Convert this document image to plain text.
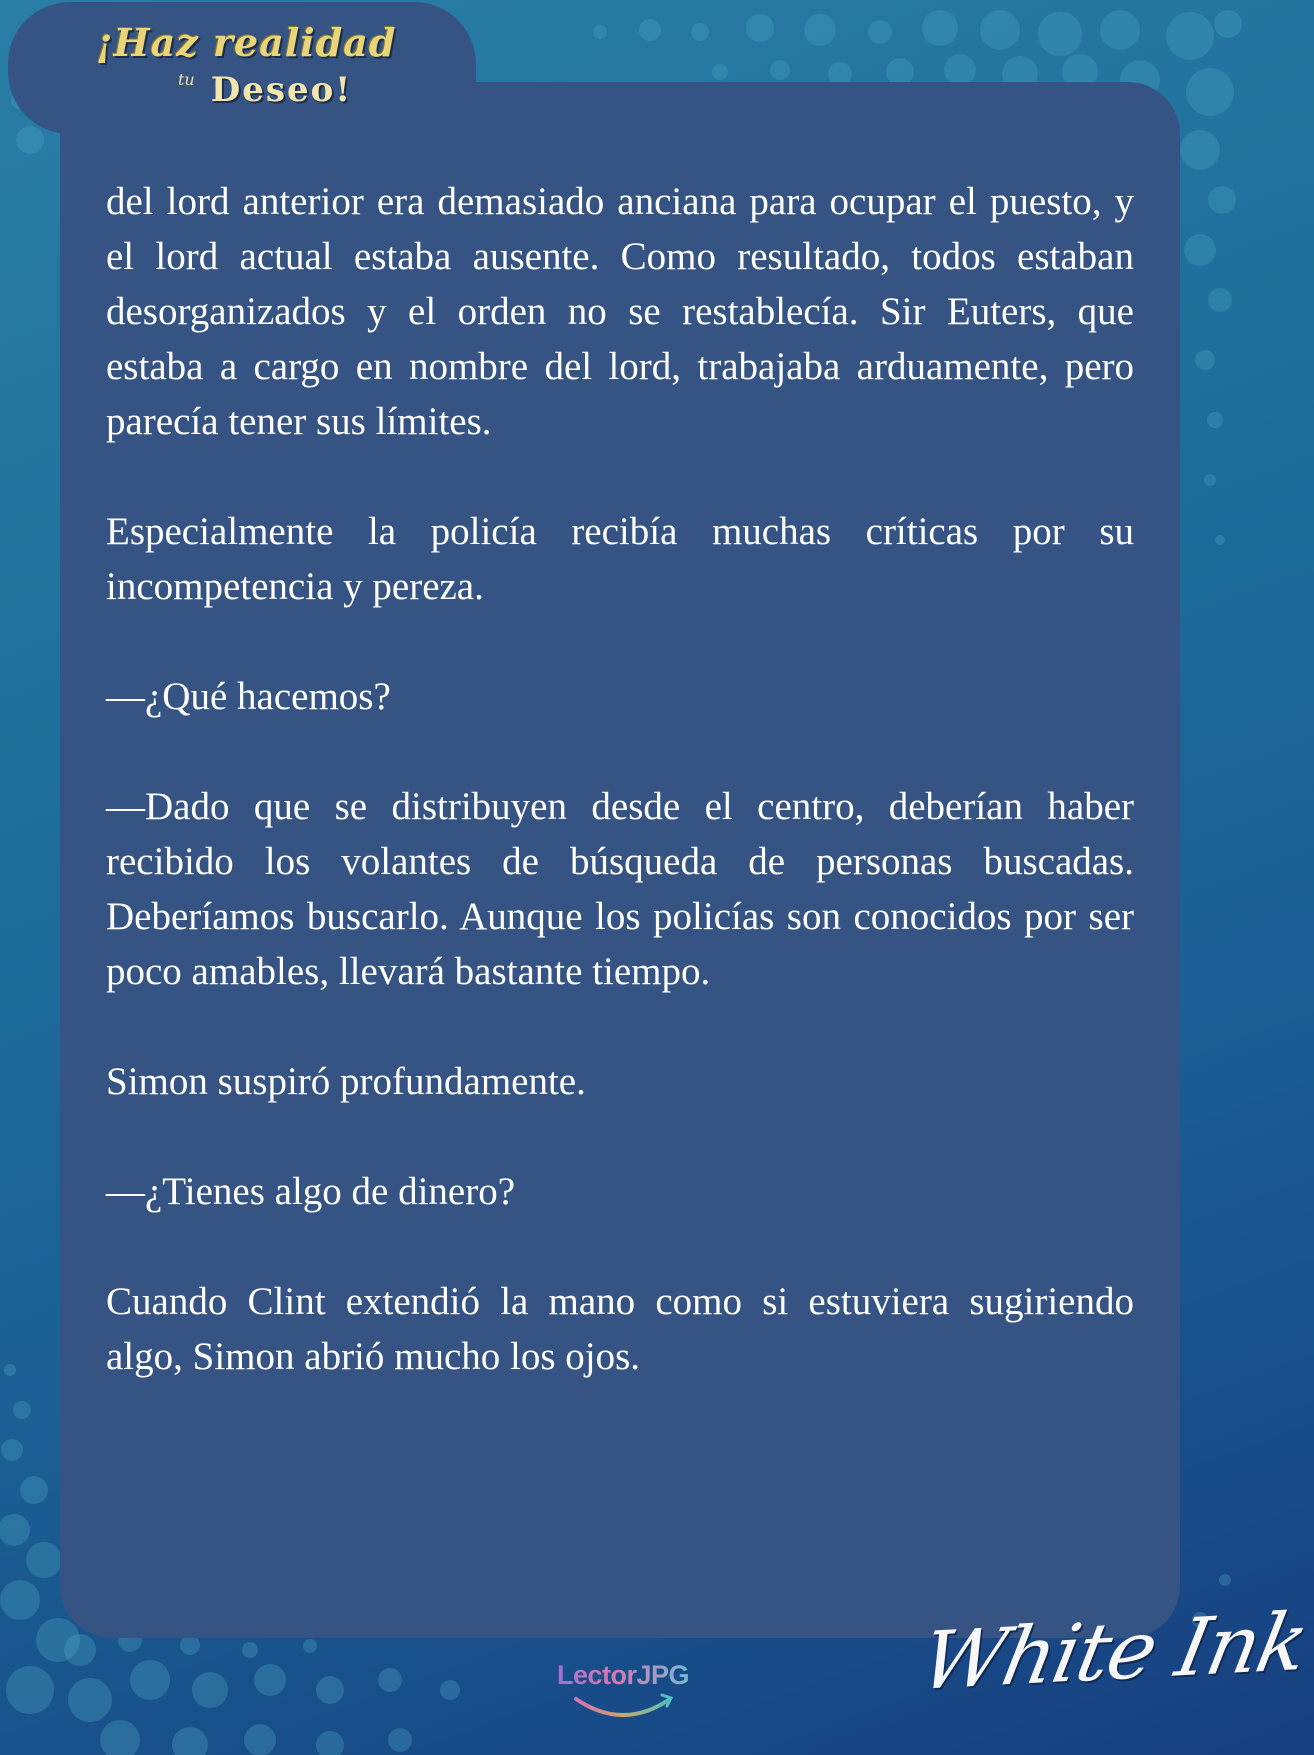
¡Haz realidad
tu Deseo!

del lord anterior era demasiado anciana para ocupar el puesto, y el lord actual estaba ausente. Como resultado, todos estaban desorganizados y el orden no se restablecía. Sir Euters, que estaba a cargo en nombre del lord, trabajaba arduamente, pero parecía tener sus límites.

Especialmente la policía recibía muchas críticas por su incompetencia y pereza.

—¿Qué hacemos?

—Dado que se distribuyen desde el centro, deberían haber recibido los volantes de búsqueda de personas buscadas. Deberíamos buscarlo. Aunque los policías son conocidos por ser poco amables, llevará bastante tiempo.

Simon suspiró profundamente.

—¿Tienes algo de dinero?

Cuando Clint extendió la mano como si estuviera sugiriendo algo, Simon abrió mucho los ojos.

LectorJPG	White Ink
